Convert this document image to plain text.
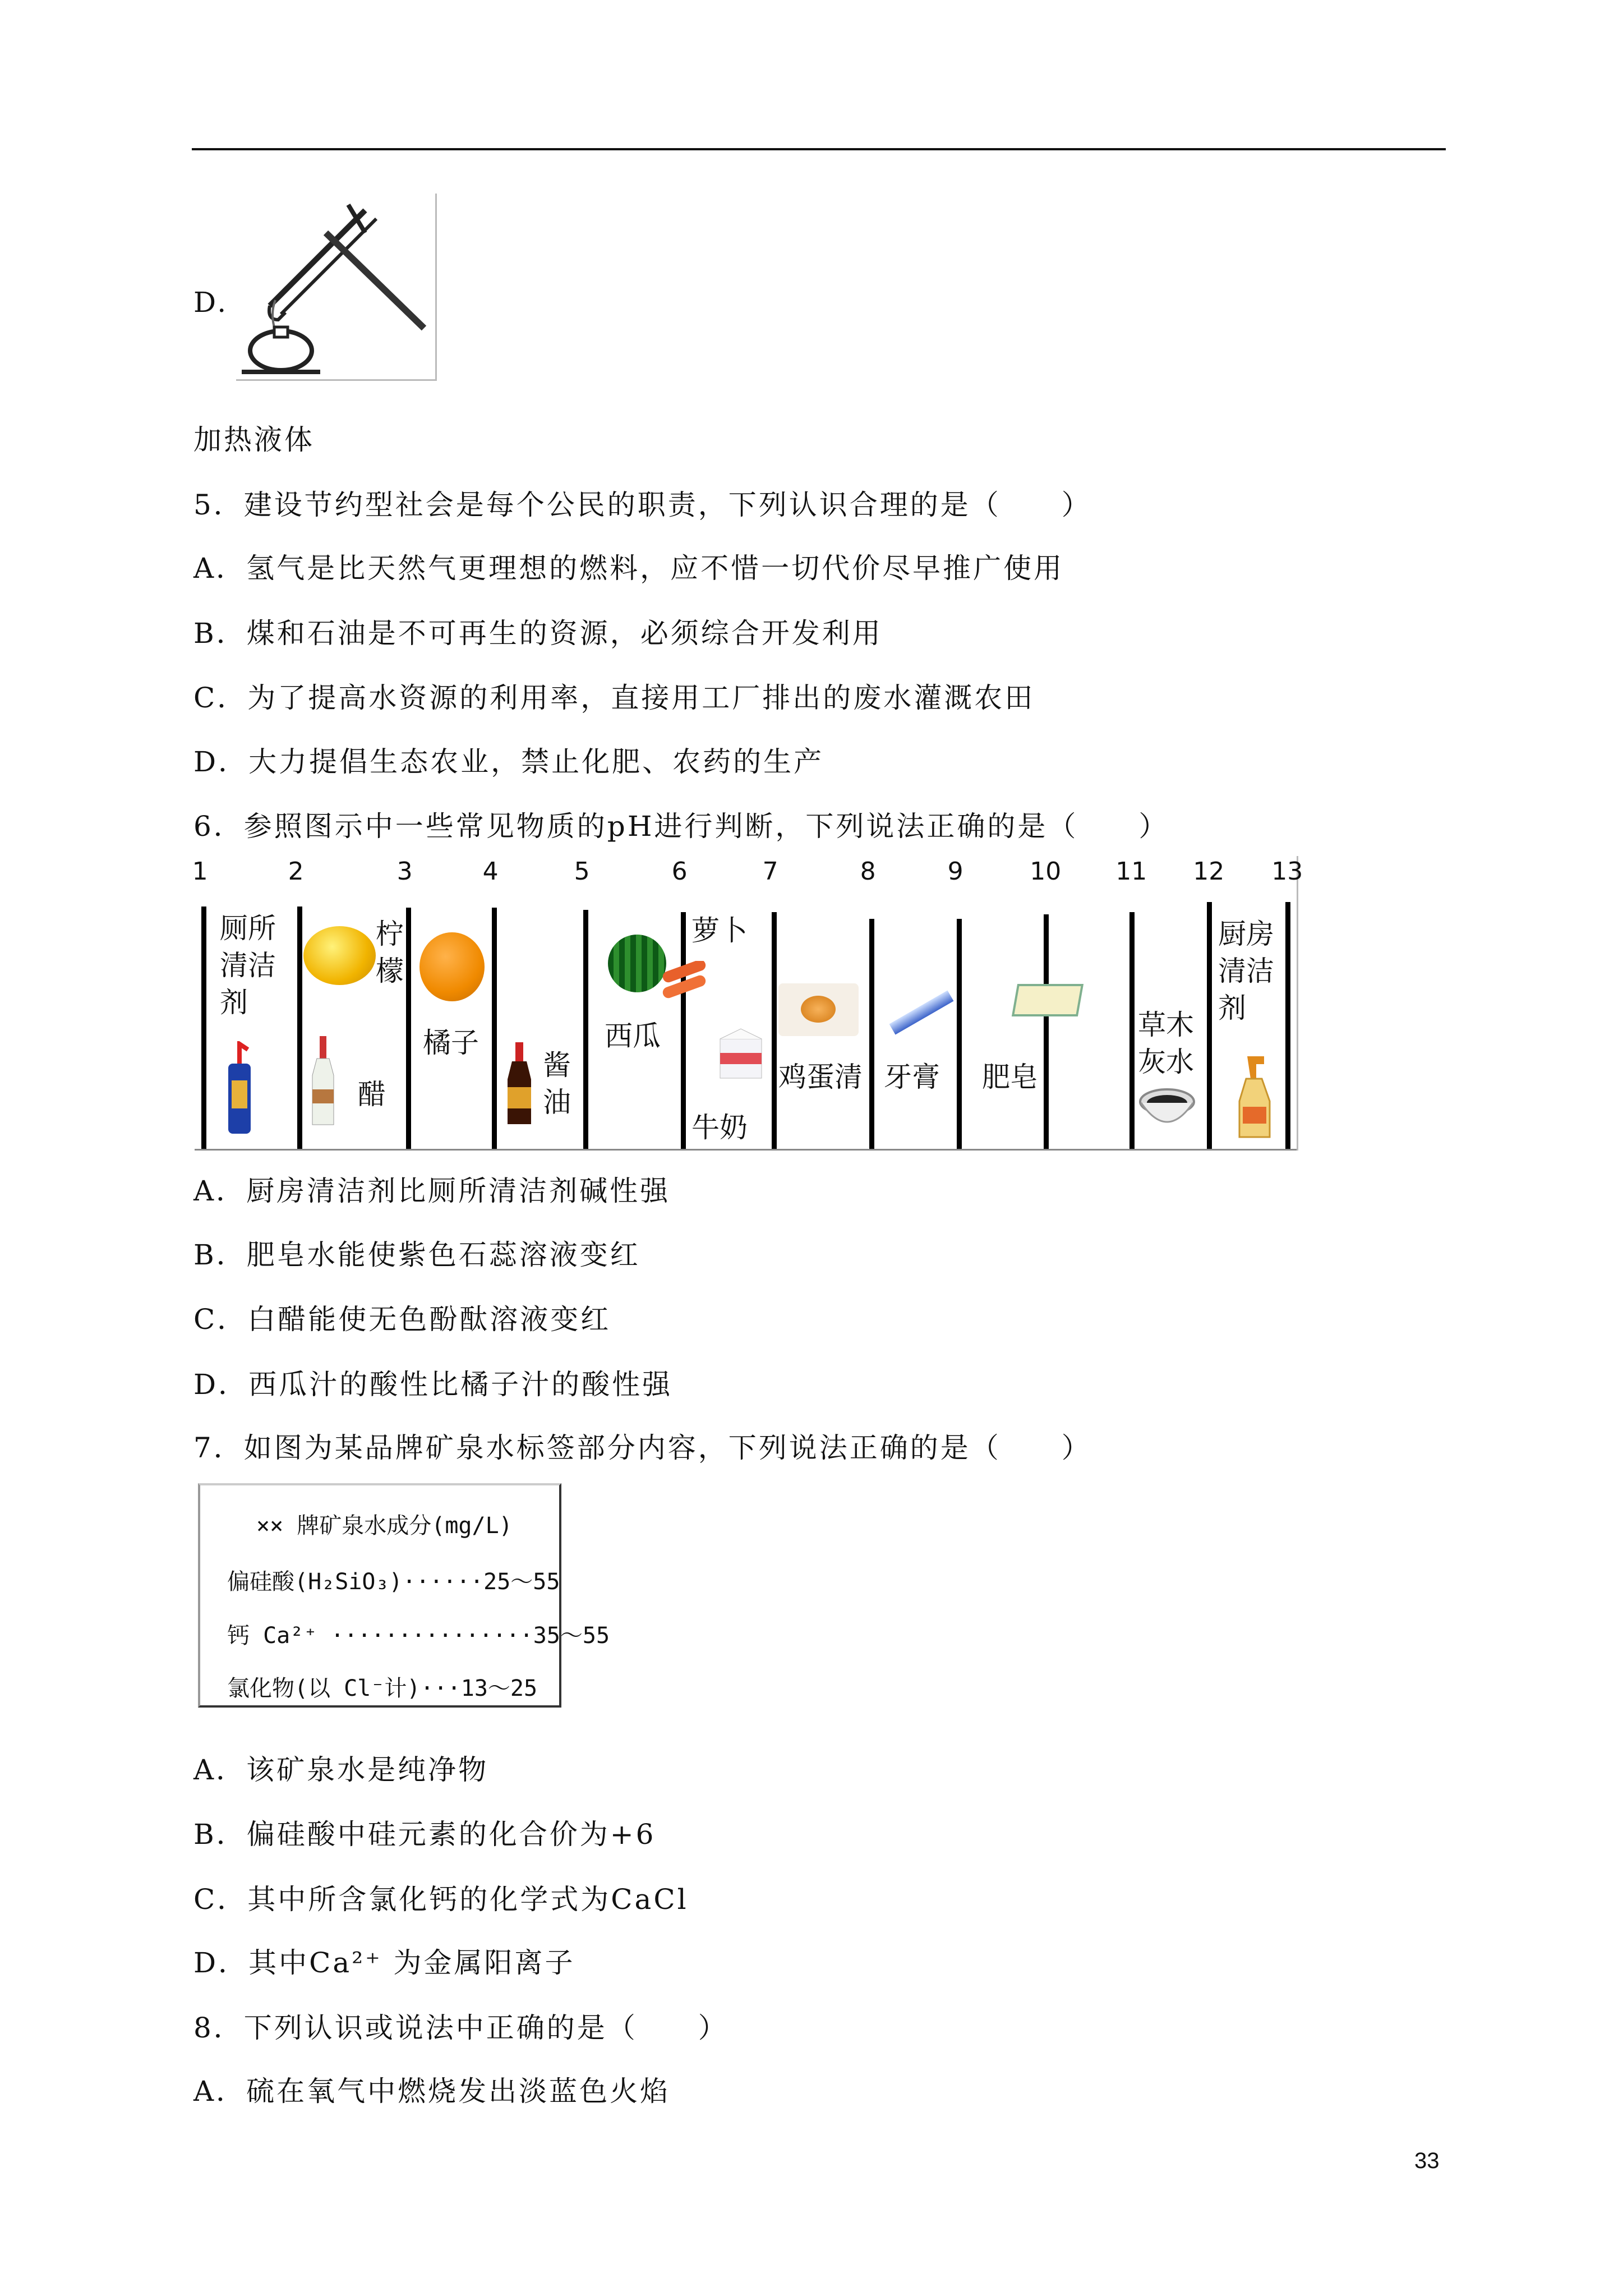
D.
加热液体
5．建设节约型社会是每个公民的职责，下列认识合理的是（　　）
A．氢气是比天然气更理想的燃料，应不惜一切代价尽早推广使用
B．煤和石油是不可再生的资源，必须综合开发利用
C．为了提高水资源的利用率，直接用工厂排出的废水灌溉农田
D．大力提倡生态农业，禁止化肥、农药的生产
6．参照图示中一些常见物质的pH进行判断，下列说法正确的是（　　）
1	2	3	4	5	6	7	8	9	10 11 12 13
厕所清洁剂
柠檬
醋
橘子
酱油
西瓜
萝卜
牛奶
鸡蛋清 牙膏	肥皂
草木灰水
厨房清洁剂
A．厨房清洁剂比厕所清洁剂碱性强
B．肥皂水能使紫色石蕊溶液变红
C．白醋能使无色酚酞溶液变红
D．西瓜汁的酸性比橘子汁的酸性强
7．如图为某品牌矿泉水标签部分内容，下列说法正确的是（　　）
×× 牌矿泉水成分(mg/L)
偏硅酸(H₂SiO₃)······25～55
钙 Ca²⁺ ···············35～55
氯化物(以 Cl⁻计)···13～25
A．该矿泉水是纯净物
B．偏硅酸中硅元素的化合价为+6
C．其中所含氯化钙的化学式为CaCl
D．其中Ca²⁺ 为金属阳离子
8．下列认识或说法中正确的是（　　）
A．硫在氧气中燃烧发出淡蓝色火焰
33
